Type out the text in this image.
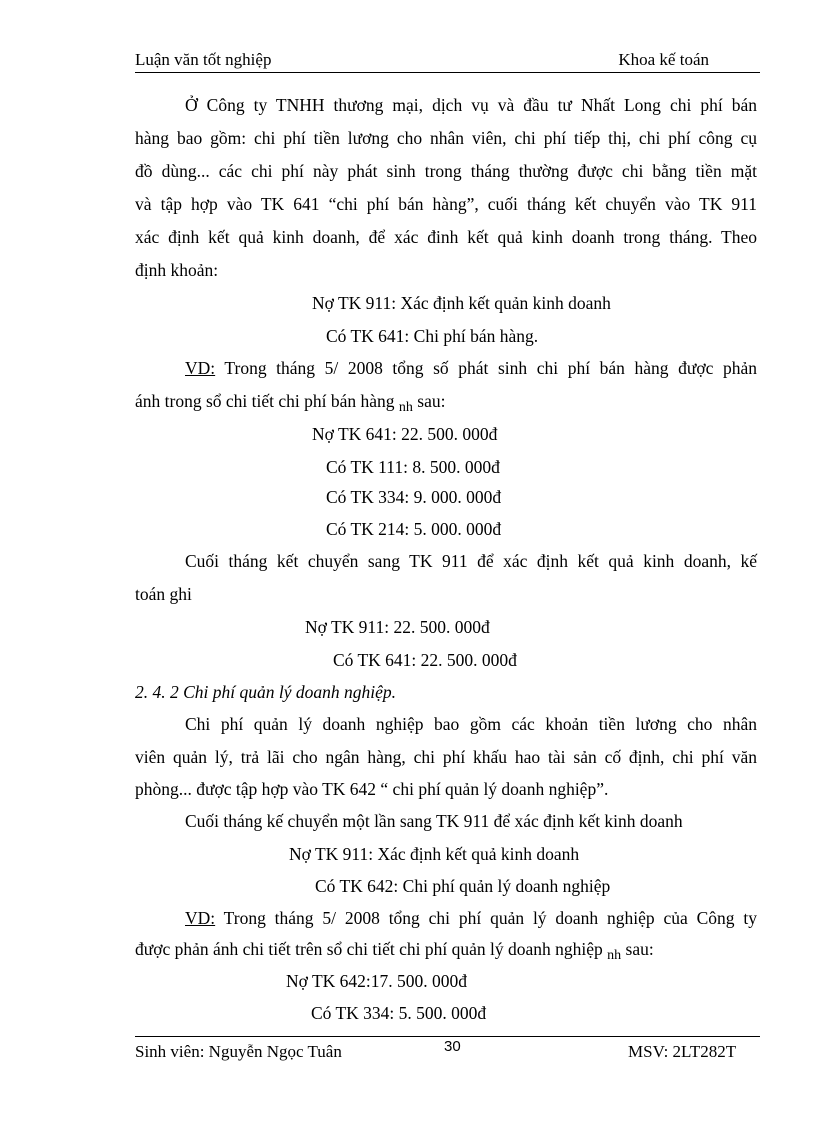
Luận văn tốt nghiệp	Khoa kế toán
Ở Công ty TNHH thương mại, dịch vụ và đầu tư Nhất Long chi phí bán
hàng bao gồm: chi phí tiền lương cho nhân viên, chi phí tiếp thị, chi phí công cụ
đồ dùng... các chi phí này phát sinh trong tháng thường được chi bằng tiền mặt
và tập hợp vào TK 641 “chi phí bán hàng”, cuối tháng kết chuyển vào TK 911
xác định kết quả kinh doanh, để xác đinh kết quả kinh doanh trong tháng. Theo
định khoản:
Nợ TK 911: Xác định kết quản kinh doanh
Có TK 641: Chi phí bán hàng.
VD: Trong tháng 5/ 2008 tổng số phát sinh chi phí bán hàng được phản
ánh trong sổ chi tiết chi phí bán hàng $_{nh}$ sau:
Nợ TK 641: 22. 500. 000đ
Có TK 111: 8. 500. 000đ
Có TK 334: 9. 000. 000đ
Có TK 214: 5. 000. 000đ
Cuối tháng kết chuyển sang TK 911 để xác định kết quả kinh doanh, kế
toán ghi
Nợ TK 911: 22. 500. 000đ
Có TK 641: 22. 500. 000đ
2. 4. 2 Chi phí quản lý doanh nghiệp.
Chi phí quản lý doanh nghiệp bao gồm các khoản tiền lương cho nhân
viên quản lý, trả lãi cho ngân hàng, chi phí khấu hao tài sản cố định, chi phí văn
phòng... được tập hợp vào TK 642 “ chi phí quản lý doanh nghiệp”.
Cuối tháng kế chuyển một lần sang TK 911 để xác định kết kinh doanh
Nợ TK 911: Xác định kết quả kinh doanh
Có TK 642: Chi phí quản lý doanh nghiệp
VD: Trong tháng 5/ 2008 tổng chi phí quản lý doanh nghiệp của Công ty
được phản ánh chi tiết trên sổ chi tiết chi phí quản lý doanh nghiệp $_{nh}$ sau:
Nợ TK 642:17. 500. 000đ
Có TK 334: 5. 500. 000đ
Sinh viên: Nguyễn Ngọc Tuân	30	MSV: 2LT282T
